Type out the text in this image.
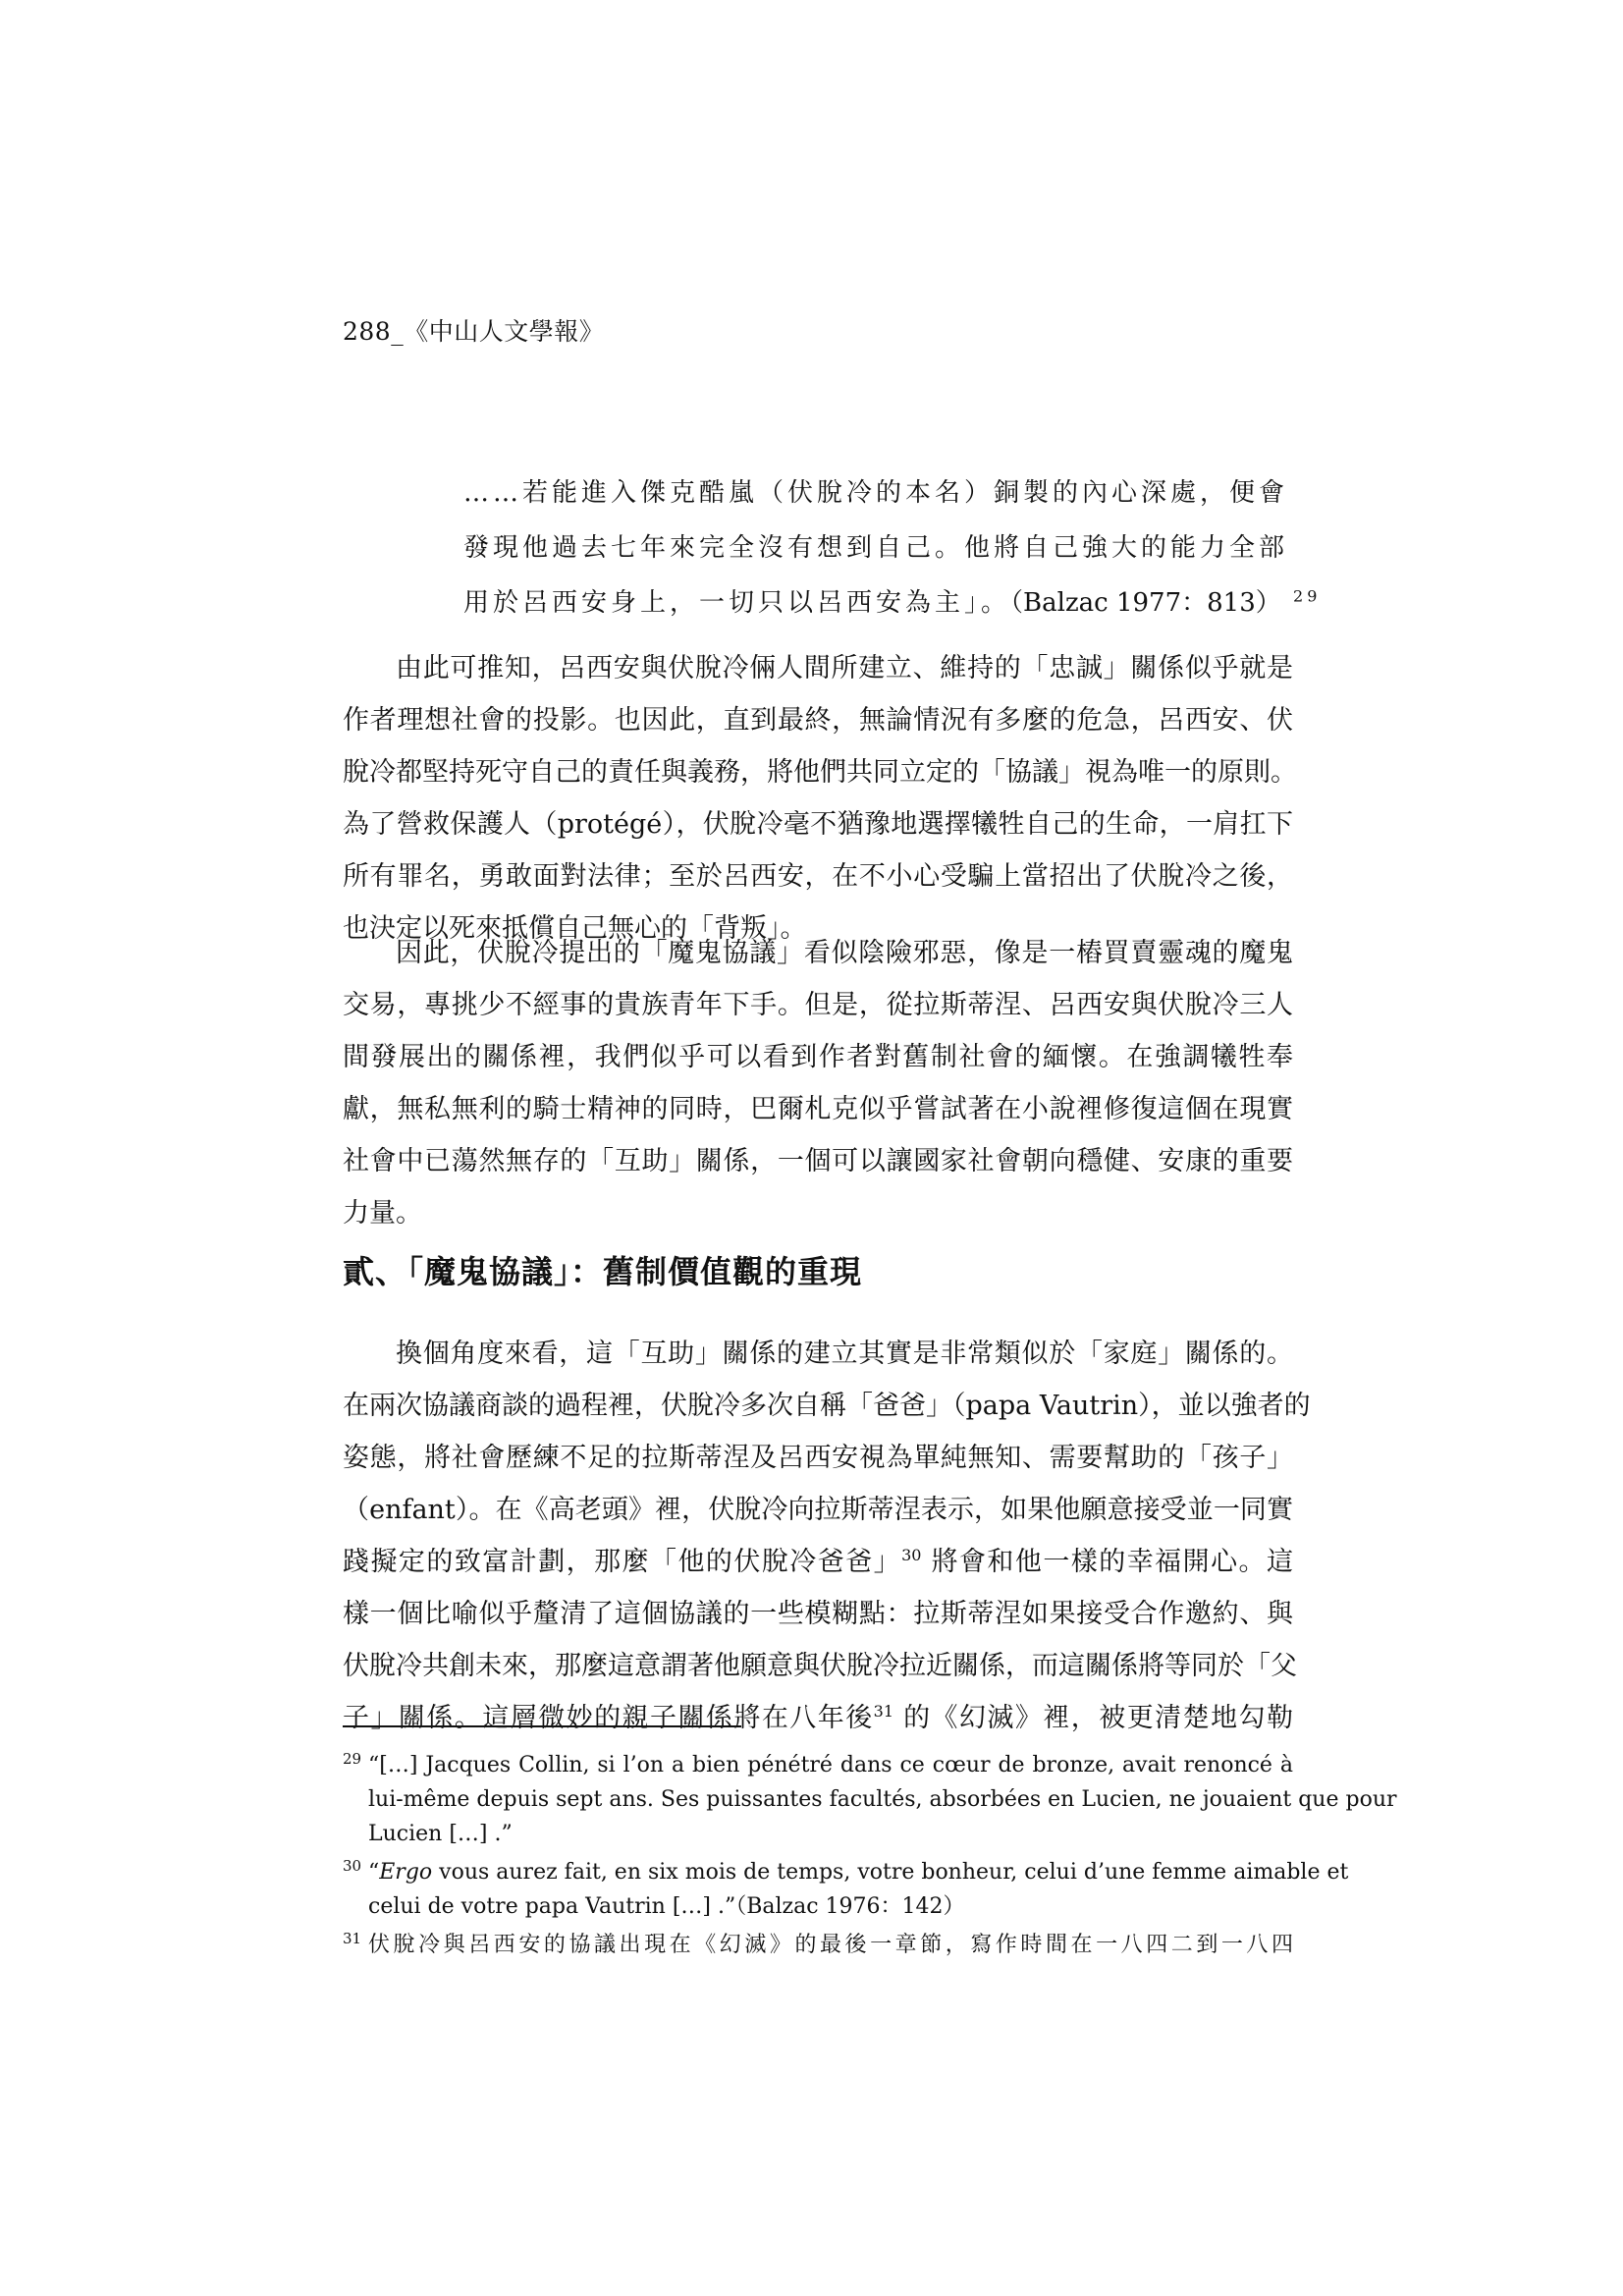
288_《中山人文學報》
……若能進入傑克酷嵐（伏脫冷的本名）銅製的內心深處，便會
發現他過去七年來完全沒有想到自己。他將自己強大的能力全部
用於呂西安身上，一切只以呂西安為主」。（Balzac 1977：813） $^{29}$
由此可推知，呂西安與伏脫冷倆人間所建立、維持的「忠誠」關係似乎就是
作者理想社會的投影。也因此，直到最終，無論情況有多麼的危急，呂西安、伏
脫冷都堅持死守自己的責任與義務，將他們共同立定的「協議」視為唯一的原則。
為了營救保護人（protégé），伏脫冷毫不猶豫地選擇犧牲自己的生命，一肩扛下
所有罪名，勇敢面對法律；至於呂西安，在不小心受騙上當招出了伏脫冷之後，
也決定以死來抵償自己無心的「背叛」。
因此，伏脫冷提出的「魔鬼協議」看似陰險邪惡，像是一樁買賣靈魂的魔鬼
交易，專挑少不經事的貴族青年下手。但是，從拉斯蒂涅、呂西安與伏脫冷三人
間發展出的關係裡，我們似乎可以看到作者對舊制社會的緬懷。在強調犧牲奉
獻，無私無利的騎士精神的同時，巴爾札克似乎嘗試著在小說裡修復這個在現實
社會中已蕩然無存的「互助」關係，一個可以讓國家社會朝向穩健、安康的重要
力量。
貳、「魔鬼協議」：舊制價值觀的重現
換個角度來看，這「互助」關係的建立其實是非常類似於「家庭」關係的。
在兩次協議商談的過程裡，伏脫冷多次自稱「爸爸」（papa Vautrin），並以強者的
姿態，將社會歷練不足的拉斯蒂涅及呂西安視為單純無知、需要幫助的「孩子」
（enfant）。在《高老頭》裡，伏脫冷向拉斯蒂涅表示，如果他願意接受並一同實
踐擬定的致富計劃，那麼「他的伏脫冷爸爸」$^{30}$ 將會和他一樣的幸福開心。這
樣一個比喻似乎釐清了這個協議的一些模糊點：拉斯蒂涅如果接受合作邀約、與
伏脫冷共創未來，那麼這意謂著他願意與伏脫冷拉近關係，而這關係將等同於「父
子」關係。這層微妙的親子關係將在八年後$^{31}$ 的《幻滅》裡，被更清楚地勾勒
29 “[…] Jacques Collin, si l’on a bien pénétré dans ce cœur de bronze, avait renoncé à
lui-même depuis sept ans. Ses puissantes facultés, absorbées en Lucien, ne jouaient que pour
Lucien […] .”
30 “Ergo vous aurez fait, en six mois de temps, votre bonheur, celui d’une femme aimable et
celui de votre papa Vautrin […] .”（Balzac 1976：142）
31 伏脫冷與呂西安的協議出現在《幻滅》的最後一章節，寫作時間在一八四二到一八四
